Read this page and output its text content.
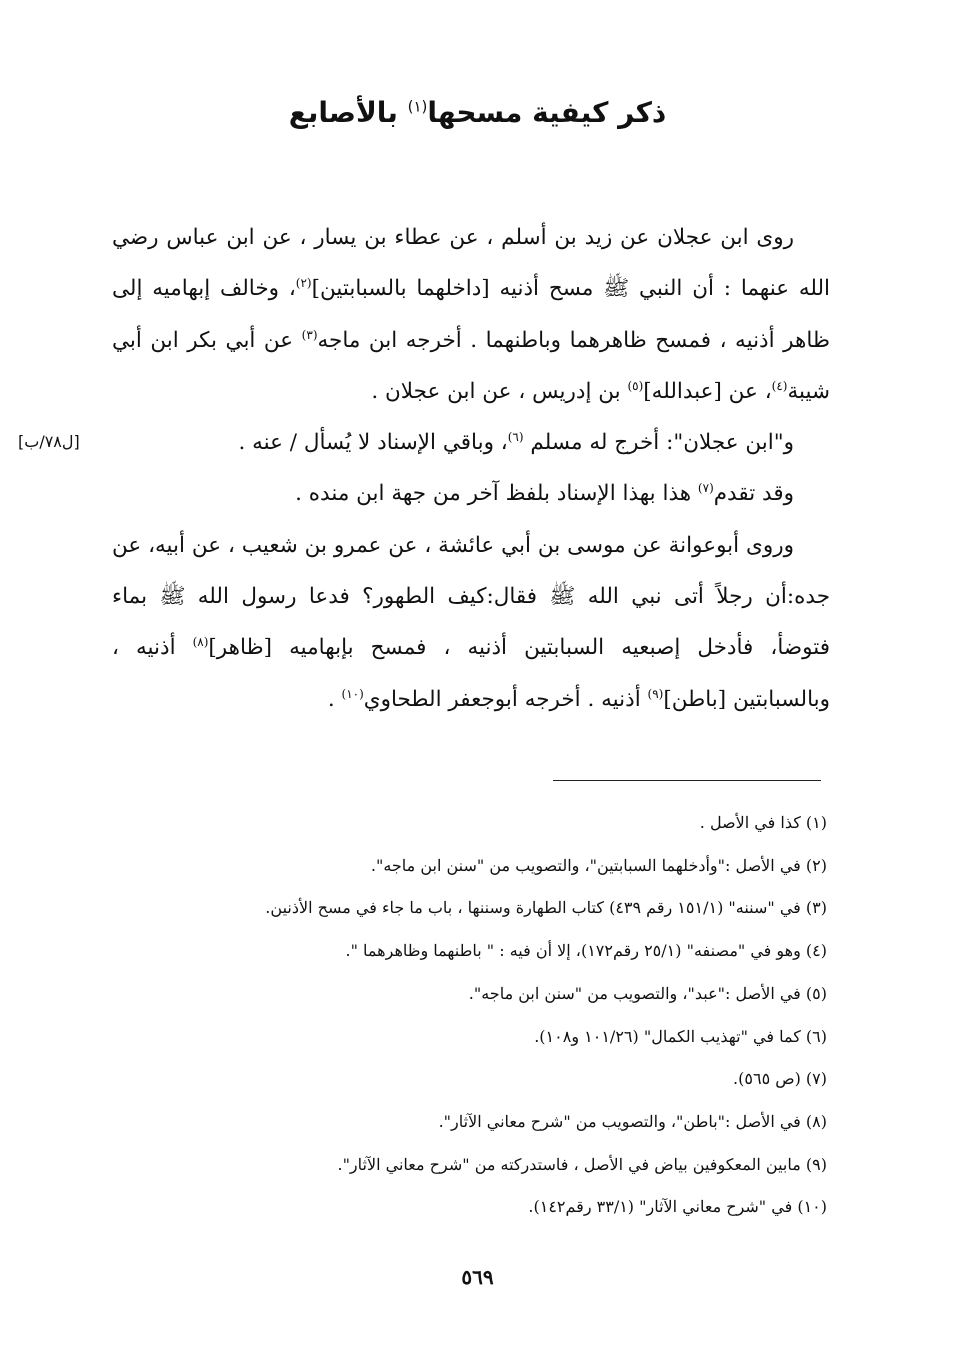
ذكر كيفية مسحها$^{(١)}$ بالأصابع

روى ابن عجلان عن زيد بن أسلم ، عن عطاء بن يسار ، عن ابن عباس رضي الله عنهما : أن النبي ﷺ مسح أذنيه [داخلهما بالسبابتين]$^{(٢)}$، وخالف إبهاميه إلى ظاهر أذنيه ، فمسح ظاهرهما وباطنهما . أخرجه ابن ماجه$^{(٣)}$ عن أبي بكر ابن أبي شيبة$^{(٤)}$، عن [عبدالله]$^{(٥)}$ بن إدريس ، عن ابن عجلان .

و"ابن عجلان": أخرج له مسلم $^{(٦)}$، وباقي الإسناد لا يُسأل / عنه .

وقد تقدم$^{(٧)}$ هذا بهذا الإسناد بلفظ آخر من جهة ابن منده .

وروى أبوعوانة عن موسى بن أبي عائشة ، عن عمرو بن شعيب ، عن أبيه، عن جده:أن رجلاً أتى نبي الله ﷺ فقال:كيف الطهور؟ فدعا رسول الله ﷺ بماء فتوضأ، فأدخل إصبعيه السبابتين أذنيه ، فمسح بإبهاميه [ظاهر]$^{(٨)}$ أذنيه ، وبالسبابتين [باطن]$^{(٩)}$ أذنيه . أخرجه أبوجعفر الطحاوي$^{(١٠)}$ .

[ل٧٨/ب]
(١) كذا في الأصل .
(٢) في الأصل :"وأدخلهما السبابتين"، والتصويب من "سنن ابن ماجه".
(٣) في "سننه" (١٥١/١ رقم ٤٣٩) كتاب الطهارة وسننها ، باب ما جاء في مسح الأذنين.
(٤) وهو في "مصنفه" (٢٥/١ رقم١٧٢)، إلا أن فيه : " باطنهما وظاهرهما ".
(٥) في الأصل :"عبد"، والتصويب من "سنن ابن ماجه".
(٦) كما في "تهذيب الكمال" (١٠١/٢٦ و١٠٨).
(٧) (ص ٥٦٥).
(٨) في الأصل :"باطن"، والتصويب من "شرح معاني الآثار".
(٩) مابين المعكوفين بياض في الأصل ، فاستدركته من "شرح معاني الآثار".
(١٠) في "شرح معاني الآثار" (٣٣/١ رقم١٤٢).
٥٦٩
